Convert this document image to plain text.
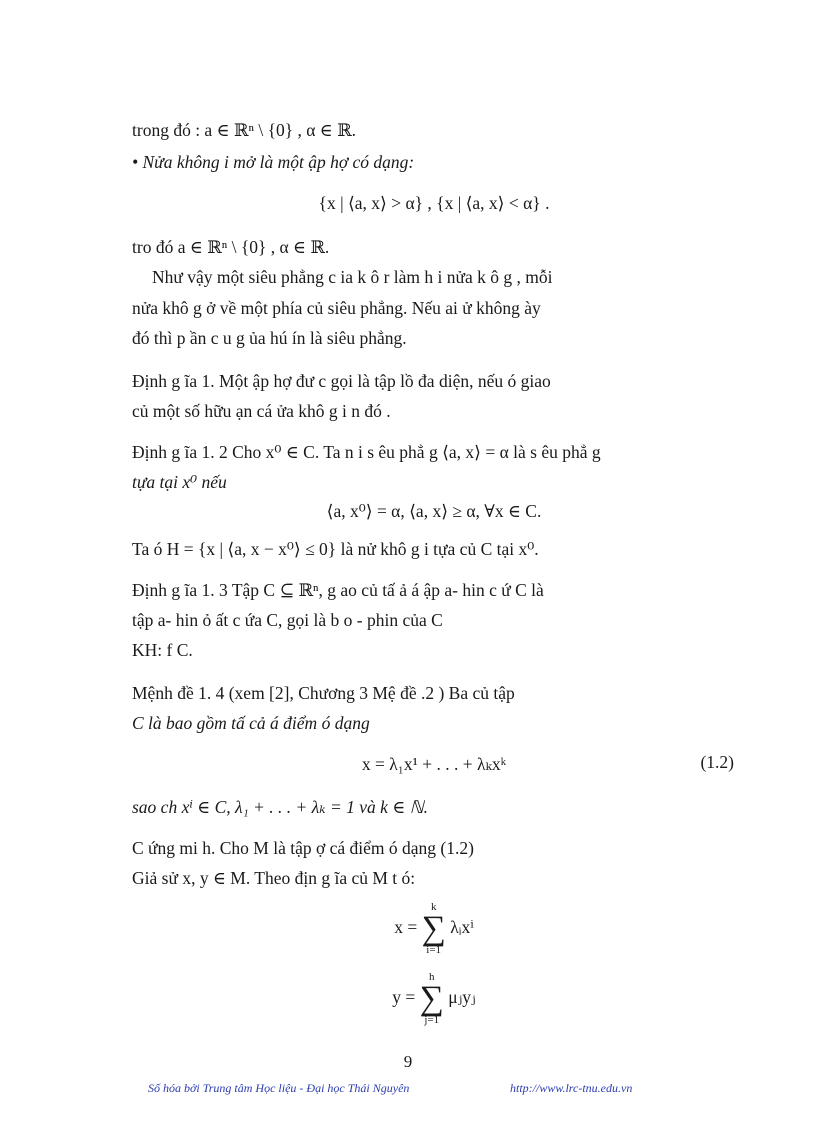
trong đó : a ∈ ℝⁿ \ {0} , α ∈ ℝ.
• Nửa không i mở là một ập hợ có dạng:
{x | ⟨a, x⟩ > α} , {x | ⟨a, x⟩ < α} .
tro đó a ∈ ℝⁿ \ {0} , α ∈ ℝ.
Như vậy một siêu phẳng c ia k ô r làm h i nửa k ô g , mỗi
nửa khô g ở về một phía củ siêu phẳng. Nếu ai ử không ày
đó thì p ần c u g ủa hú ín là siêu phẳng.
Định g ĩa 1. Một ập hợ đư c gọi là tập lồ đa diện, nếu ó giao
củ một số hữu ạn cá ửa khô g i n đó .
Định g ĩa 1. 2 Cho x⁰ ∈ C. Ta n i s êu phẳ g ⟨a, x⟩ = α là s êu phẳ g
tựa tại x⁰ nếu
⟨a, x⁰⟩ = α, ⟨a, x⟩ ≥ α, ∀x ∈ C.
Ta ó H = {x | ⟨a, x − x⁰⟩ ≤ 0} là nử khô g i tựa củ C tại x⁰.
Định g ĩa 1. 3 Tập C ⊆ ℝⁿ, g ao củ tấ ả á ập a- hin c ứ C là
tập a- hin ỏ ất c ứa C, gọi là b o - phin của C
KH: f C.
Mệnh đề 1. 4 (xem [2], Chương 3 Mệ đề .2 ) Ba củ tập
C là bao gồm tấ cả á điểm ó dạng
x = λ₁x¹ + . . . + λₖxᵏ	(1.2)
sao ch xⁱ ∈ C, λ₁ + . . . + λₖ = 1 và k ∈ ℕ.
C ứng mi h. Cho M là tập ợ cá điểm ó dạng (1.2)
Giả sử x, y ∈ M. Theo địn g ĩa củ M t ó:
x =
k
∑
i=1
λᵢxⁱ
y =
h
∑
j=1
μⱼyⱼ
9
Số hóa bởi Trung tâm Học liệu - Đại học Thái Nguyên	http://www.lrc-tnu.edu.vn
